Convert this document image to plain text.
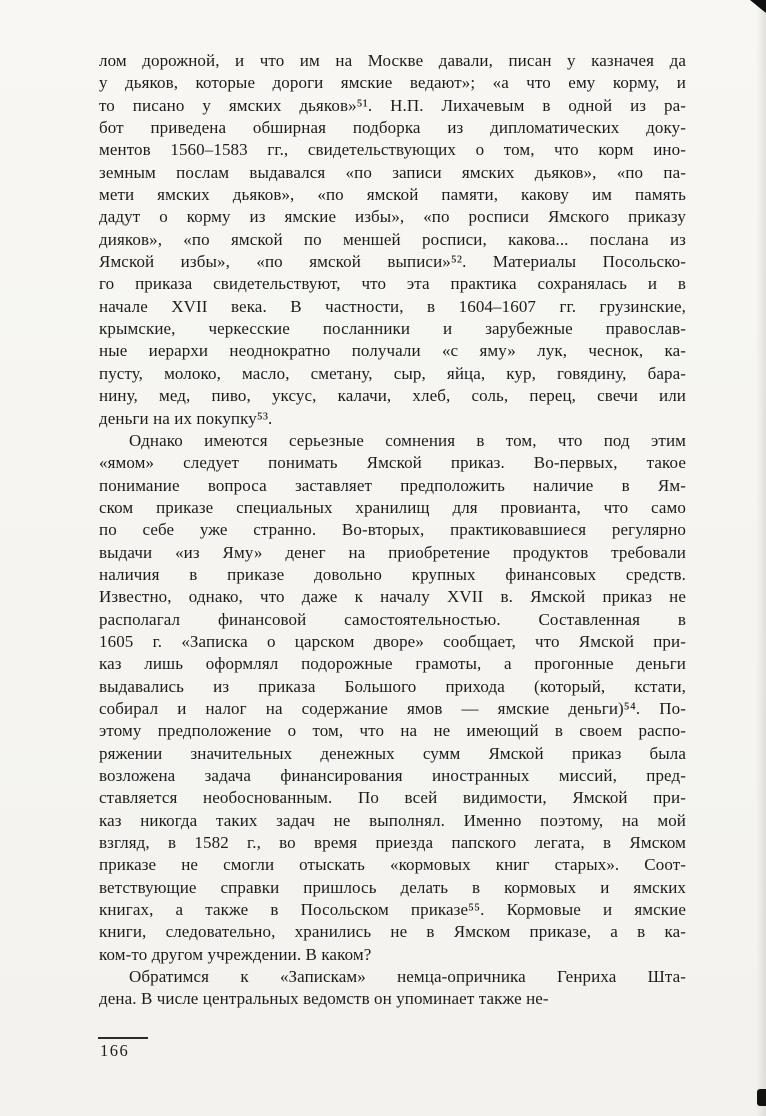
лом дорожной, и что им на Москве давали, писан у казначея да
у дьяков, которые дороги ямские ведают»; «а что ему корму, и
то писано у ямских дьяков»⁵¹. Н.П. Лихачевым в одной из ра-
бот приведена обширная подборка из дипломатических доку-
ментов 1560–1583 гг., свидетельствующих о том, что корм ино-
земным послам выдавался «по записи ямских дьяков», «по па-
мети ямских дьяков», «по ямской памяти, какову им память
дадут о корму из ямские избы», «по росписи Ямского приказу
дияков», «по ямской по меншей росписи, какова... послана из
Ямской избы», «по ямской выписи»⁵². Материалы Посольско-
го приказа свидетельствуют, что эта практика сохранялась и в
начале XVII века. В частности, в 1604–1607 гг. грузинские,
крымские, черкесские посланники и зарубежные православ-
ные иерархи неоднократно получали «с яму» лук, чеснок, ка-
пусту, молоко, масло, сметану, сыр, яйца, кур, говядину, бара-
нину, мед, пиво, уксус, калачи, хлеб, соль, перец, свечи или
деньги на их покупку⁵³.
Однако имеются серьезные сомнения в том, что под этим
«ямом» следует понимать Ямской приказ. Во-первых, такое
понимание вопроса заставляет предположить наличие в Ям-
ском приказе специальных хранилищ для провианта, что само
по себе уже странно. Во-вторых, практиковавшиеся регулярно
выдачи «из Яму» денег на приобретение продуктов требовали
наличия в приказе довольно крупных финансовых средств.
Известно, однако, что даже к началу XVII в. Ямской приказ не
располагал финансовой самостоятельностью. Составленная в
1605 г. «Записка о царском дворе» сообщает, что Ямской при-
каз лишь оформлял подорожные грамоты, а прогонные деньги
выдавались из приказа Большого прихода (который, кстати,
собирал и налог на содержание ямов — ямские деньги)⁵⁴. По-
этому предположение о том, что на не имеющий в своем распо-
ряжении значительных денежных сумм Ямской приказ была
возложена задача финансирования иностранных миссий, пред-
ставляется необоснованным. По всей видимости, Ямской при-
каз никогда таких задач не выполнял. Именно поэтому, на мой
взгляд, в 1582 г., во время приезда папского легата, в Ямском
приказе не смогли отыскать «кормовых книг старых». Соот-
ветствующие справки пришлось делать в кормовых и ямских
книгах, а также в Посольском приказе⁵⁵. Кормовые и ямские
книги, следовательно, хранились не в Ямском приказе, а в ка-
ком-то другом учреждении. В каком?
Обратимся к «Запискам» немца-опричника Генриха Шта-
дена. В числе центральных ведомств он упоминает также не-
166
